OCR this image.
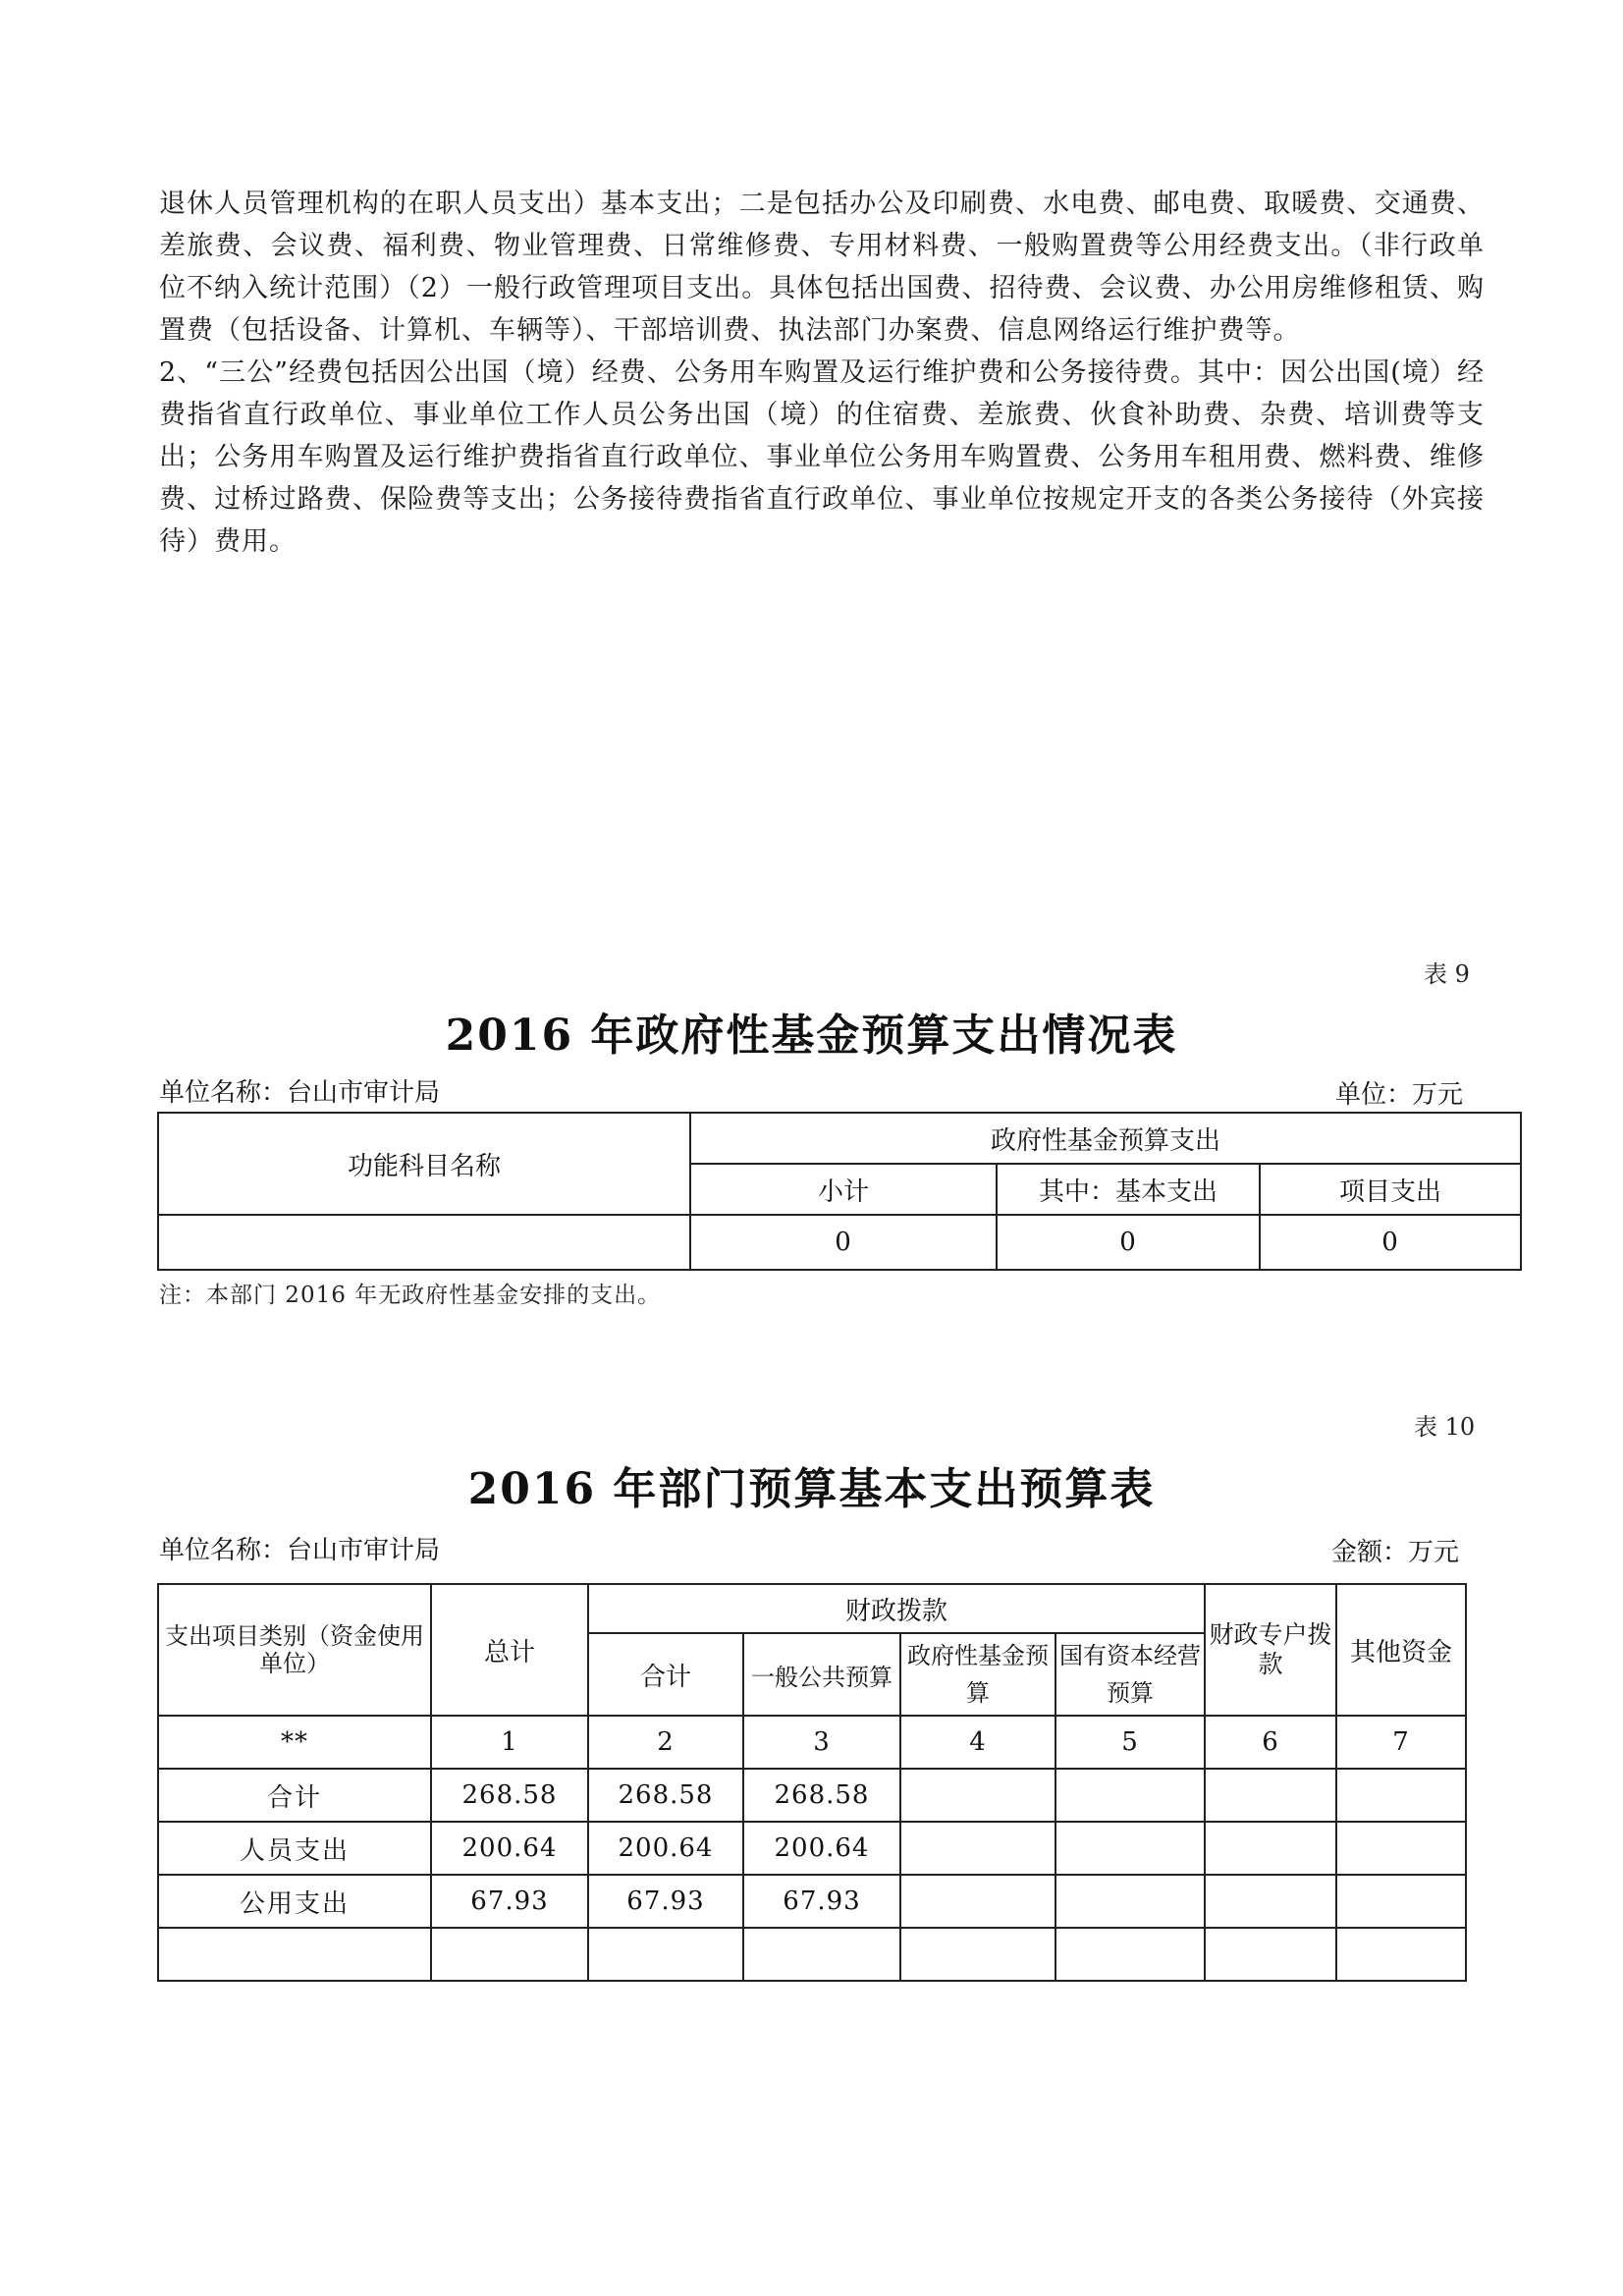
退休人员管理机构的在职人员支出）基本支出；二是包括办公及印刷费、水电费、邮电费、取暖费、交通费、差旅费、会议费、福利费、物业管理费、日常维修费、专用材料费、一般购置费等公用经费支出。（非行政单位不纳入统计范围）（2）一般行政管理项目支出。具体包括出国费、招待费、会议费、办公用房维修租赁、购置费（包括设备、计算机、车辆等）、干部培训费、执法部门办案费、信息网络运行维护费等。

2、“三公”经费包括因公出国（境）经费、公务用车购置及运行维护费和公务接待费。其中：因公出国(境）经费指省直行政单位、事业单位工作人员公务出国（境）的住宿费、差旅费、伙食补助费、杂费、培训费等支出；公务用车购置及运行维护费指省直行政单位、事业单位公务用车购置费、公务用车租用费、燃料费、维修费、过桥过路费、保险费等支出；公务接待费指省直行政单位、事业单位按规定开支的各类公务接待（外宾接待）费用。

表 9
2016 年政府性基金预算支出情况表
单位名称：台山市审计局	单位：万元
功能科目名称	政府性基金预算支出		
	小计	其中：基本支出	项目支出
	0	0	0
注：本部门 2016 年无政府性基金安排的支出。
表 10
2016 年部门预算基本支出预算表
单位名称：台山市审计局	金额：万元
支出项目类别（资金使用单位）	总计	财政拨款				财政专户拨款	其他资金
		合计	一般公共预算	政府性基金预算	国有资本经营预算		
**	1	2	3	4	5	6	7
合计	268.58	268.58	268.58				
人员支出	200.64	200.64	200.64				
公用支出	67.93	67.93	67.93				
